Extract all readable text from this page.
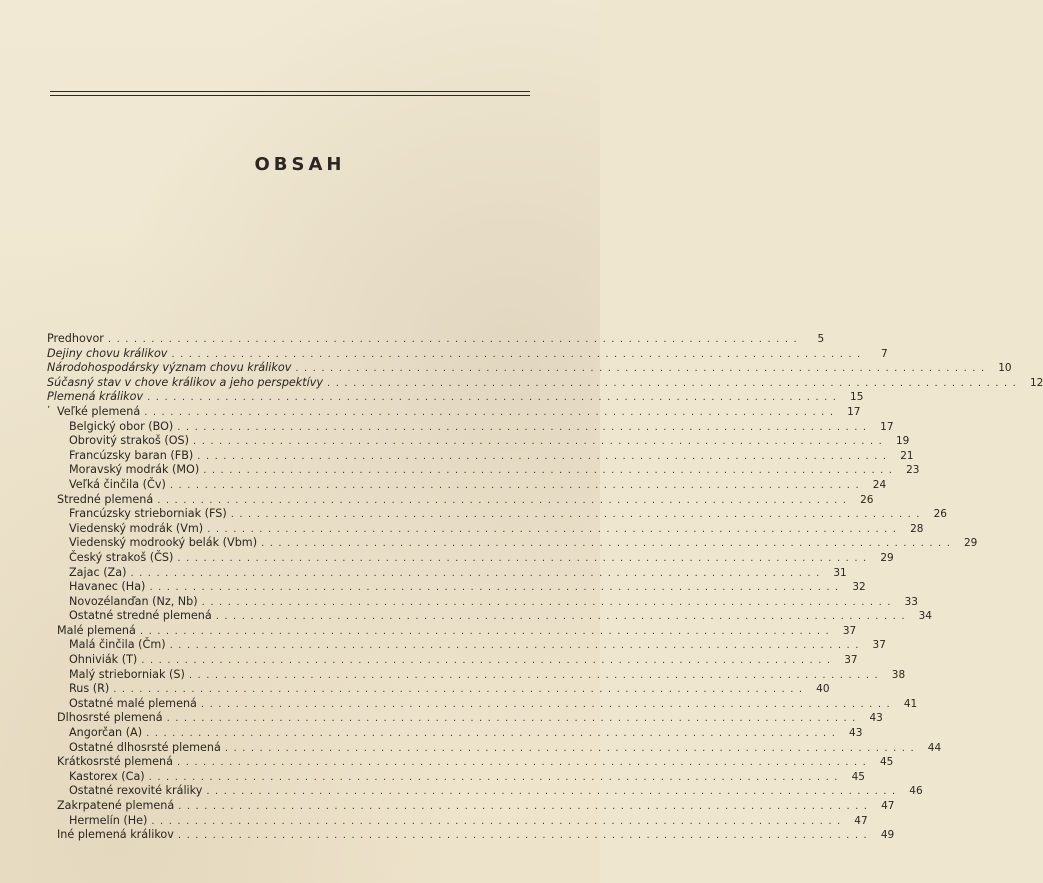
OBSAH
ʼ
Predhovor ................................................................................	5
Dejiny chovu králikov ................................................................................	7
Národohospodársky význam chovu králikov ................................................................................ 10
Súčasný stav v chove králikov a jeho perspektívy ................................................................................ 12
Plemená králikov ................................................................................ 15
Veľké plemená ................................................................................ 17
Belgický obor (BO) ................................................................................ 17
Obrovitý strakoš (OS) ................................................................................ 19
Francúzsky baran (FB) ................................................................................ 21
Moravský modrák (MO) ................................................................................ 23
Veľká činčila (Čv) ................................................................................ 24
Stredné plemená ................................................................................ 26
Francúzsky strieborniak (FS) ................................................................................ 26
Viedenský modrák (Vm) ................................................................................ 28
Viedenský modrooký belák (Vbm) ................................................................................ 29
Český strakoš (ČS) ................................................................................ 29
Zajac (Za) ................................................................................ 31
Havanec (Ha) ................................................................................ 32
Novozélanďan (Nz, Nb) ................................................................................ 33
Ostatné stredné plemená ................................................................................ 34
Malé plemená ................................................................................ 37
Malá činčila (Čm) ................................................................................ 37
Ohniviák (T) ................................................................................ 37
Malý strieborniak (S) ................................................................................ 38
Rus (R) ................................................................................ 40
Ostatné malé plemená ................................................................................ 41
Dlhosrsté plemená ................................................................................ 43
Angorčan (A) ................................................................................ 43
Ostatné dlhosrsté plemená ................................................................................ 44
Krátkosrsté plemená ................................................................................ 45
Kastorex (Ca) ................................................................................ 45
Ostatné rexovité králiky ................................................................................ 46
Zakrpatené plemená ................................................................................ 47
Hermelín (He) ................................................................................ 47
Iné plemená králikov ................................................................................ 49
